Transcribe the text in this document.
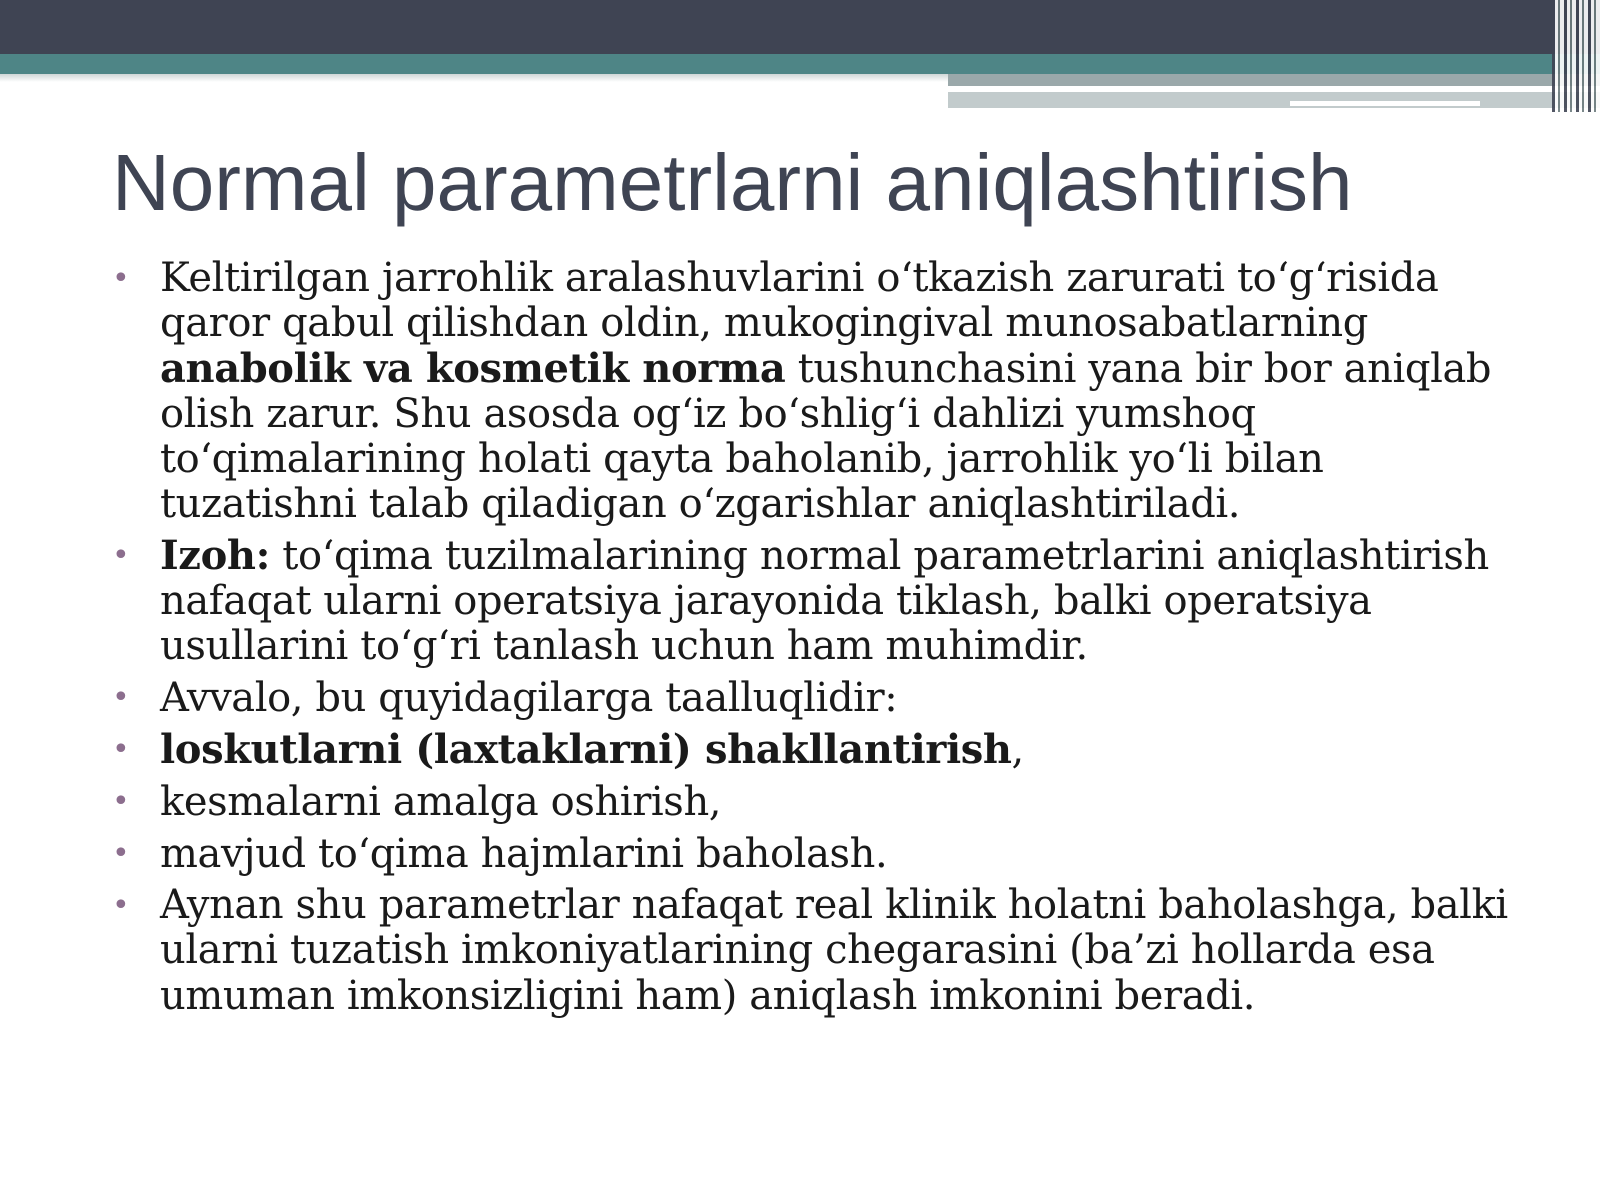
Normal parametrlarni aniqlashtirish
• Keltirilgan jarrohlik aralashuvlarini o‘tkazish zarurati to‘g‘risida qaror qabul qilishdan oldin, mukogingival munosabatlarning anabolik va kosmetik norma tushunchasini yana bir bor aniqlab olish zarur. Shu asosda og‘iz bo‘shlig‘i dahlizi yumshoq to‘qimalarining holati qayta baholanib, jarrohlik yo‘li bilan tuzatishni talab qiladigan o‘zgarishlar aniqlashtiriladi.
• Izoh: to‘qima tuzilmalarining normal parametrlarini aniqlashtirish nafaqat ularni operatsiya jarayonida tiklash, balki operatsiya usullarini to‘g‘ri tanlash uchun ham muhimdir.
• Avvalo, bu quyidagilarga taalluqlidir:
• loskutlarni (laxtaklarni) shakllantirish,
• kesmalarni amalga oshirish,
• mavjud to‘qima hajmlarini baholash.
• Aynan shu parametrlar nafaqat real klinik holatni baholashga, balki ularni tuzatish imkoniyatlarining chegarasini (ba’zi hollarda esa umuman imkonsizligini ham) aniqlash imkonini beradi.
